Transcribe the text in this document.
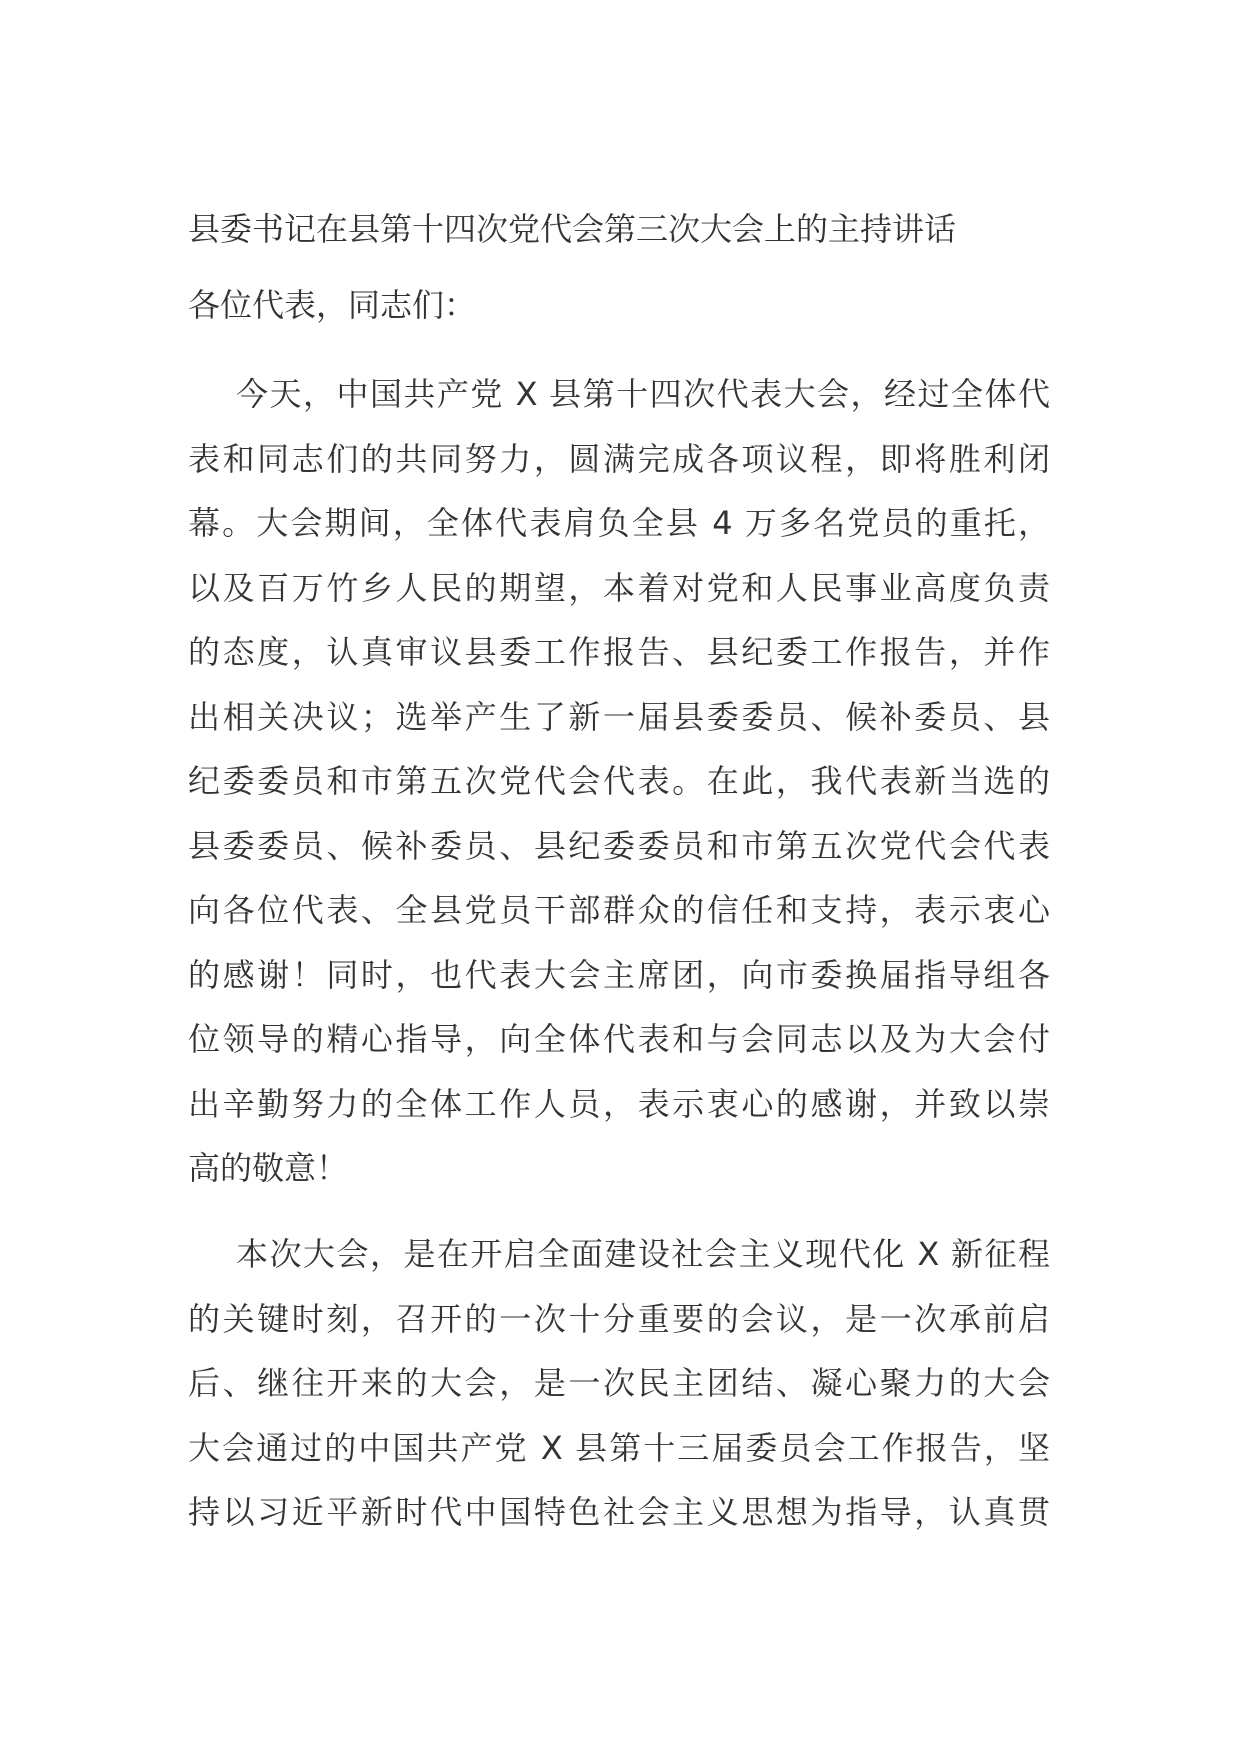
县委书记在县第十四次党代会第三次大会上的主持讲话
各位代表，同志们：
今天，中国共产党 X 县第十四次代表大会，经过全体代
表和同志们的共同努力，圆满完成各项议程，即将胜利闭
幕。大会期间，全体代表肩负全县 4 万多名党员的重托，
以及百万竹乡人民的期望，本着对党和人民事业高度负责
的态度，认真审议县委工作报告、县纪委工作报告，并作
出相关决议；选举产生了新一届县委委员、候补委员、县
纪委委员和市第五次党代会代表。在此，我代表新当选的
县委委员、候补委员、县纪委委员和市第五次党代会代表
向各位代表、全县党员干部群众的信任和支持，表示衷心
的感谢！同时，也代表大会主席团，向市委换届指导组各
位领导的精心指导，向全体代表和与会同志以及为大会付
出辛勤努力的全体工作人员，表示衷心的感谢，并致以崇
高的敬意！
本次大会，是在开启全面建设社会主义现代化 X 新征程
的关键时刻，召开的一次十分重要的会议，是一次承前启
后、继往开来的大会，是一次民主团结、凝心聚力的大会
大会通过的中国共产党 X 县第十三届委员会工作报告，坚
持以习近平新时代中国特色社会主义思想为指导，认真贯
